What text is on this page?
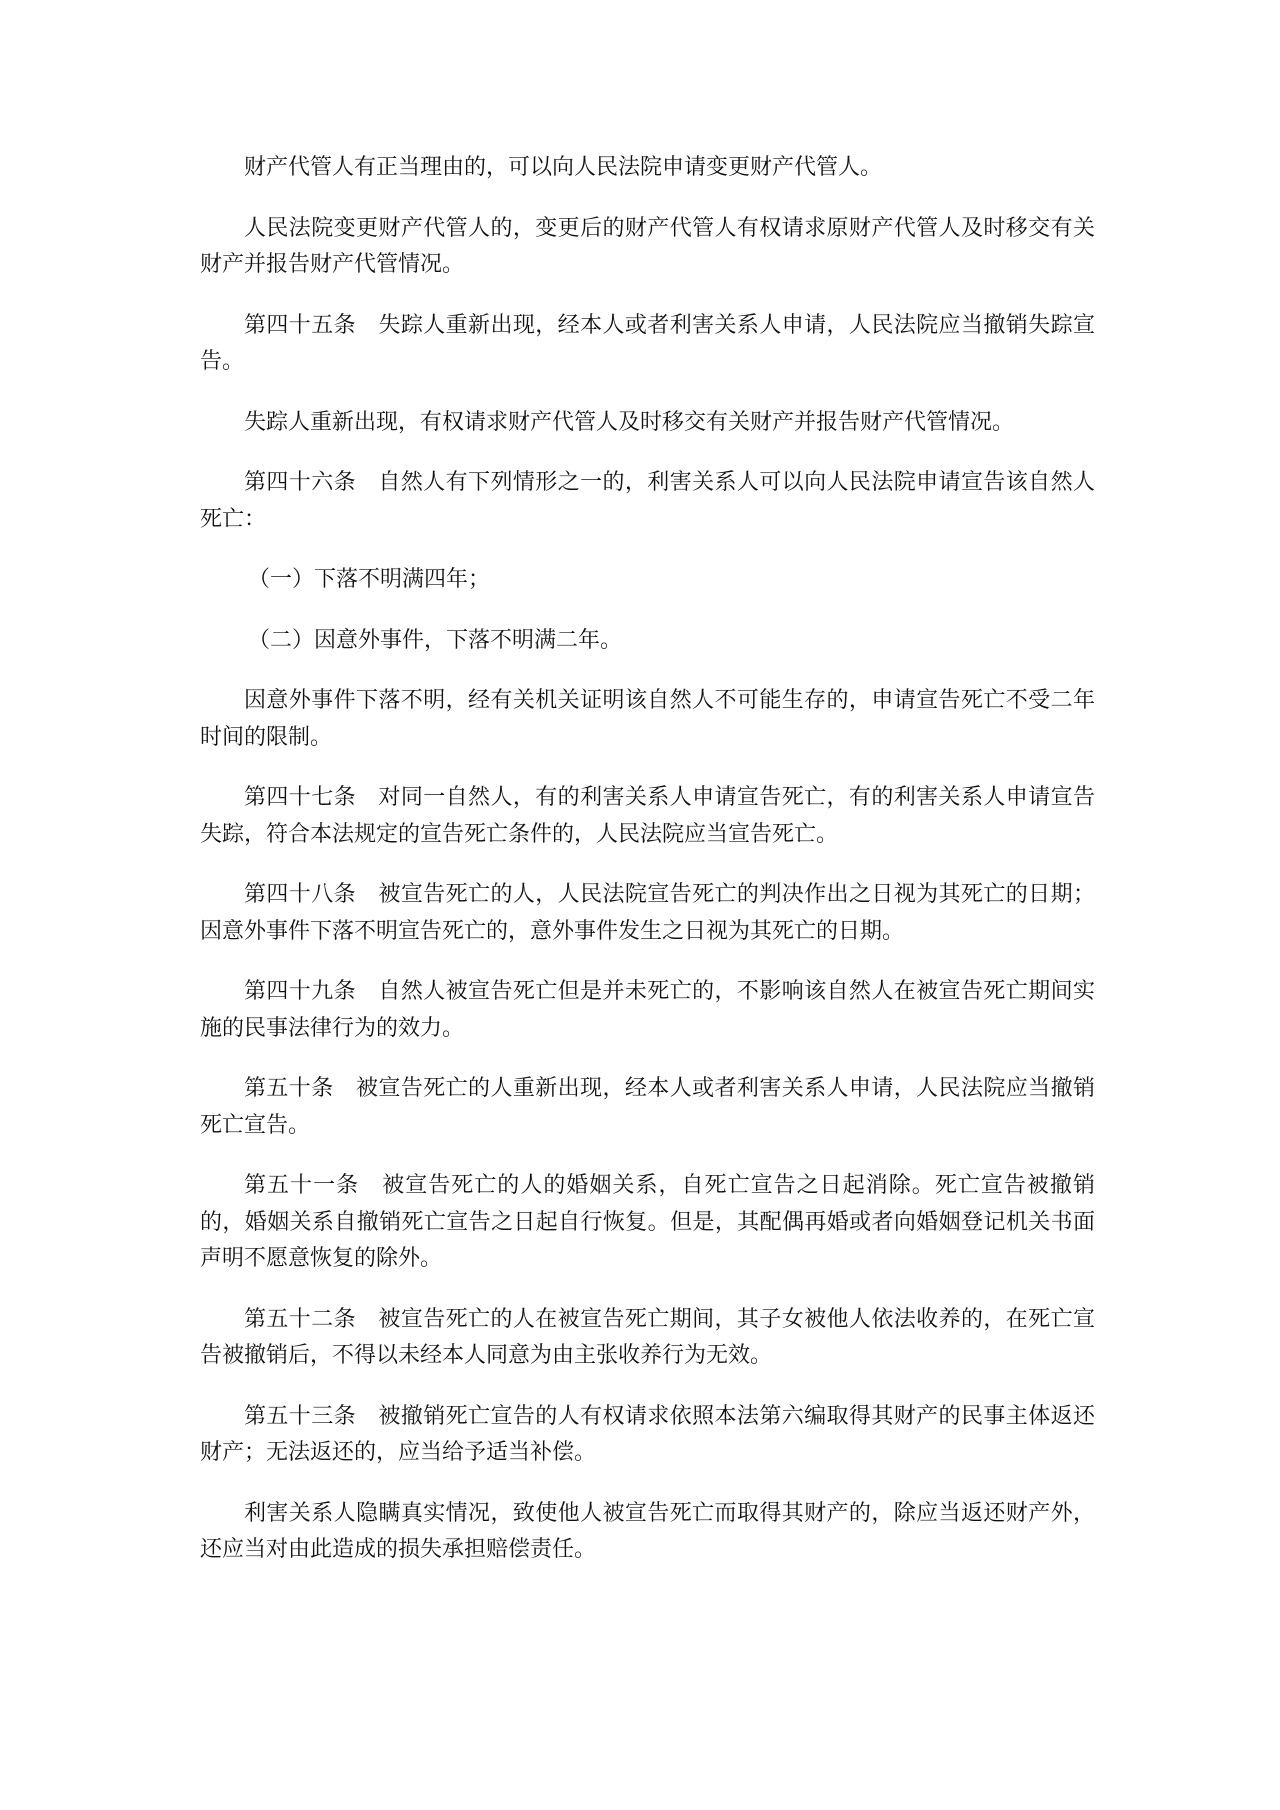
财产代管人有正当理由的，可以向人民法院申请变更财产代管人。

人民法院变更财产代管人的，变更后的财产代管人有权请求原财产代管人及时移交有关财产并报告财产代管情况。

第四十五条　失踪人重新出现，经本人或者利害关系人申请，人民法院应当撤销失踪宣告。

失踪人重新出现，有权请求财产代管人及时移交有关财产并报告财产代管情况。

第四十六条　自然人有下列情形之一的，利害关系人可以向人民法院申请宣告该自然人死亡：

（一）下落不明满四年；

（二）因意外事件，下落不明满二年。

因意外事件下落不明，经有关机关证明该自然人不可能生存的，申请宣告死亡不受二年时间的限制。

第四十七条　对同一自然人，有的利害关系人申请宣告死亡，有的利害关系人申请宣告失踪，符合本法规定的宣告死亡条件的，人民法院应当宣告死亡。

第四十八条　被宣告死亡的人，人民法院宣告死亡的判决作出之日视为其死亡的日期；因意外事件下落不明宣告死亡的，意外事件发生之日视为其死亡的日期。

第四十九条　自然人被宣告死亡但是并未死亡的，不影响该自然人在被宣告死亡期间实施的民事法律行为的效力。

第五十条　被宣告死亡的人重新出现，经本人或者利害关系人申请，人民法院应当撤销死亡宣告。

第五十一条　被宣告死亡的人的婚姻关系，自死亡宣告之日起消除。死亡宣告被撤销的，婚姻关系自撤销死亡宣告之日起自行恢复。但是，其配偶再婚或者向婚姻登记机关书面声明不愿意恢复的除外。

第五十二条　被宣告死亡的人在被宣告死亡期间，其子女被他人依法收养的，在死亡宣告被撤销后，不得以未经本人同意为由主张收养行为无效。

第五十三条　被撤销死亡宣告的人有权请求依照本法第六编取得其财产的民事主体返还财产；无法返还的，应当给予适当补偿。

利害关系人隐瞒真实情况，致使他人被宣告死亡而取得其财产的，除应当返还财产外，还应当对由此造成的损失承担赔偿责任。
